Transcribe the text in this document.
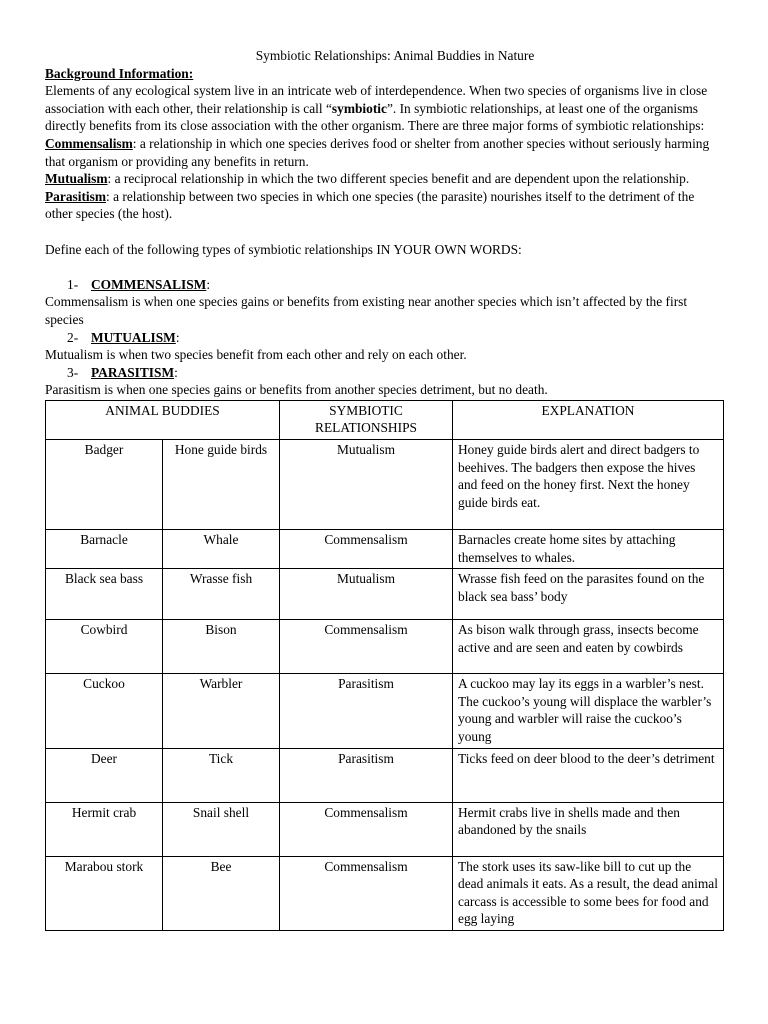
Symbiotic Relationships: Animal Buddies in Nature

Background Information:

Elements of any ecological system live in an intricate web of interdependence. When two species of organisms live in close association with each other, their relationship is call “symbiotic”. In symbiotic relationships, at least one of the organisms directly benefits from its close association with the other organism. There are three major forms of symbiotic relationships:

Commensalism: a relationship in which one species derives food or shelter from another species without seriously harming that organism or providing any benefits in return.

Mutualism: a reciprocal relationship in which the two different species benefit and are dependent upon the relationship.

Parasitism: a relationship between two species in which one species (the parasite) nourishes itself to the detriment of the other species (the host).

Define each of the following types of symbiotic relationships IN YOUR OWN WORDS:

1- COMMENSALISM:

Commensalism is when one species gains or benefits from existing near another species which isn’t affected by the first species

2- MUTUALISM:

Mutualism is when two species benefit from each other and rely on each other.

3- PARASITISM:

Parasitism is when one species gains or benefits from another species detriment, but no death.

ANIMAL BUDDIES		SYMBIOTIC RELATIONSHIPS	EXPLANATION
Badger	Hone guide birds	Mutualism	Honey guide birds alert and direct badgers to beehives. The badgers then expose the hives and feed on the honey first. Next the honey guide birds eat.
Barnacle	Whale	Commensalism	Barnacles create home sites by attaching themselves to whales.
Black sea bass	Wrasse fish	Mutualism	Wrasse fish feed on the parasites found on the black sea bass’ body
Cowbird	Bison	Commensalism	As bison walk through grass, insects become active and are seen and eaten by cowbirds
Cuckoo	Warbler	Parasitism	A cuckoo may lay its eggs in a warbler’s nest. The cuckoo’s young will displace the warbler’s young and warbler will raise the cuckoo’s young
Deer	Tick	Parasitism	Ticks feed on deer blood to the deer’s detriment
Hermit crab	Snail shell	Commensalism	Hermit crabs live in shells made and then abandoned by the snails
Marabou stork	Bee	Commensalism	The stork uses its saw-like bill to cut up the dead animals it eats. As a result, the dead animal carcass is accessible to some bees for food and egg laying
